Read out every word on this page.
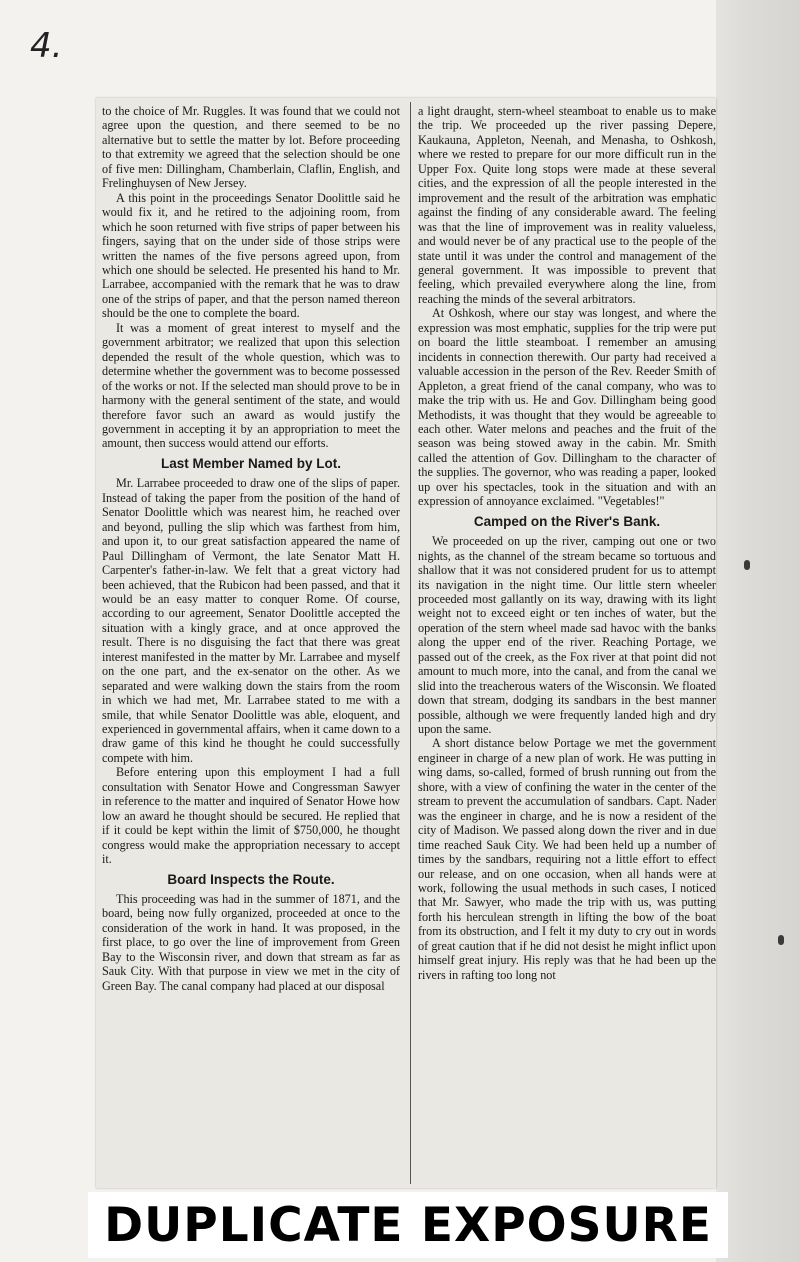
4.

to the choice of Mr. Ruggles. It was found that we could not agree upon the question, and there seemed to be no alternative but to settle the matter by lot. Before proceeding to that extremity we agreed that the selection should be one of five men: Dillingham, Chamberlain, Claflin, English, and Frelinghuysen of New Jersey.

A this point in the proceedings Senator Doolittle said he would fix it, and he retired to the adjoining room, from which he soon returned with five strips of paper between his fingers, saying that on the under side of those strips were written the names of the five persons agreed upon, from which one should be selected. He presented his hand to Mr. Larrabee, accompanied with the remark that he was to draw one of the strips of paper, and that the person named thereon should be the one to complete the board.

It was a moment of great interest to myself and the government arbitrator; we realized that upon this selection depended the result of the whole question, which was to determine whether the government was to become possessed of the works or not. If the selected man should prove to be in harmony with the general sentiment of the state, and would therefore favor such an award as would justify the government in accepting it by an appropriation to meet the amount, then success would attend our efforts.

Last Member Named by Lot.

Mr. Larrabee proceeded to draw one of the slips of paper. Instead of taking the paper from the position of the hand of Senator Doolittle which was nearest him, he reached over and beyond, pulling the slip which was farthest from him, and upon it, to our great satisfaction appeared the name of Paul Dillingham of Vermont, the late Senator Matt H. Carpenter's father-in-law. We felt that a great victory had been achieved, that the Rubicon had been passed, and that it would be an easy matter to conquer Rome. Of course, according to our agreement, Senator Doolittle accepted the situation with a kingly grace, and at once approved the result. There is no disguising the fact that there was great interest manifested in the matter by Mr. Larrabee and myself on the one part, and the ex-senator on the other. As we separated and were walking down the stairs from the room in which we had met, Mr. Larrabee stated to me with a smile, that while Senator Doolittle was able, eloquent, and experienced in governmental affairs, when it came down to a draw game of this kind he thought he could successfully compete with him.

Before entering upon this employment I had a full consultation with Senator Howe and Congressman Sawyer in reference to the matter and inquired of Senator Howe how low an award he thought should be secured. He replied that if it could be kept within the limit of $750,000, he thought congress would make the appropriation necessary to accept it.

Board Inspects the Route.

This proceeding was had in the summer of 1871, and the board, being now fully organized, proceeded at once to the consideration of the work in hand. It was proposed, in the first place, to go over the line of improvement from Green Bay to the Wisconsin river, and down that stream as far as Sauk City. With that purpose in view we met in the city of Green Bay. The canal company had placed at our disposal

a light draught, stern-wheel steamboat to enable us to make the trip. We proceeded up the river passing Depere, Kaukauna, Appleton, Neenah, and Menasha, to Oshkosh, where we rested to prepare for our more difficult run in the Upper Fox. Quite long stops were made at these several cities, and the expression of all the people interested in the improvement and the result of the arbitration was emphatic against the finding of any considerable award. The feeling was that the line of improvement was in reality valueless, and would never be of any practical use to the people of the state until it was under the control and management of the general government. It was impossible to prevent that feeling, which prevailed everywhere along the line, from reaching the minds of the several arbitrators.

At Oshkosh, where our stay was longest, and where the expression was most emphatic, supplies for the trip were put on board the little steamboat. I remember an amusing incidents in connection therewith. Our party had received a valuable accession in the person of the Rev. Reeder Smith of Appleton, a great friend of the canal company, who was to make the trip with us. He and Gov. Dillingham being good Methodists, it was thought that they would be agreeable to each other. Water melons and peaches and the fruit of the season was being stowed away in the cabin. Mr. Smith called the attention of Gov. Dillingham to the character of the supplies. The governor, who was reading a paper, looked up over his spectacles, took in the situation and with an expression of annoyance exclaimed. "Vegetables!"

Camped on the River's Bank.

We proceeded on up the river, camping out one or two nights, as the channel of the stream became so tortuous and shallow that it was not considered prudent for us to attempt its navigation in the night time. Our little stern wheeler proceeded most gallantly on its way, drawing with its light weight not to exceed eight or ten inches of water, but the operation of the stern wheel made sad havoc with the banks along the upper end of the river. Reaching Portage, we passed out of the creek, as the Fox river at that point did not amount to much more, into the canal, and from the canal we slid into the treacherous waters of the Wisconsin. We floated down that stream, dodging its sandbars in the best manner possible, although we were frequently landed high and dry upon the same.

A short distance below Portage we met the government engineer in charge of a new plan of work. He was putting in wing dams, so-called, formed of brush running out from the shore, with a view of confining the water in the center of the stream to prevent the accumulation of sandbars. Capt. Nader was the engineer in charge, and he is now a resident of the city of Madison. We passed along down the river and in due time reached Sauk City. We had been held up a number of times by the sandbars, requiring not a little effort to effect our release, and on one occasion, when all hands were at work, following the usual methods in such cases, I noticed that Mr. Sawyer, who made the trip with us, was putting forth his herculean strength in lifting the bow of the boat from its obstruction, and I felt it my duty to cry out in words of great caution that if he did not desist he might inflict upon himself great injury. His reply was that he had been up the rivers in rafting too long not

DUPLICATE EXPOSURE
